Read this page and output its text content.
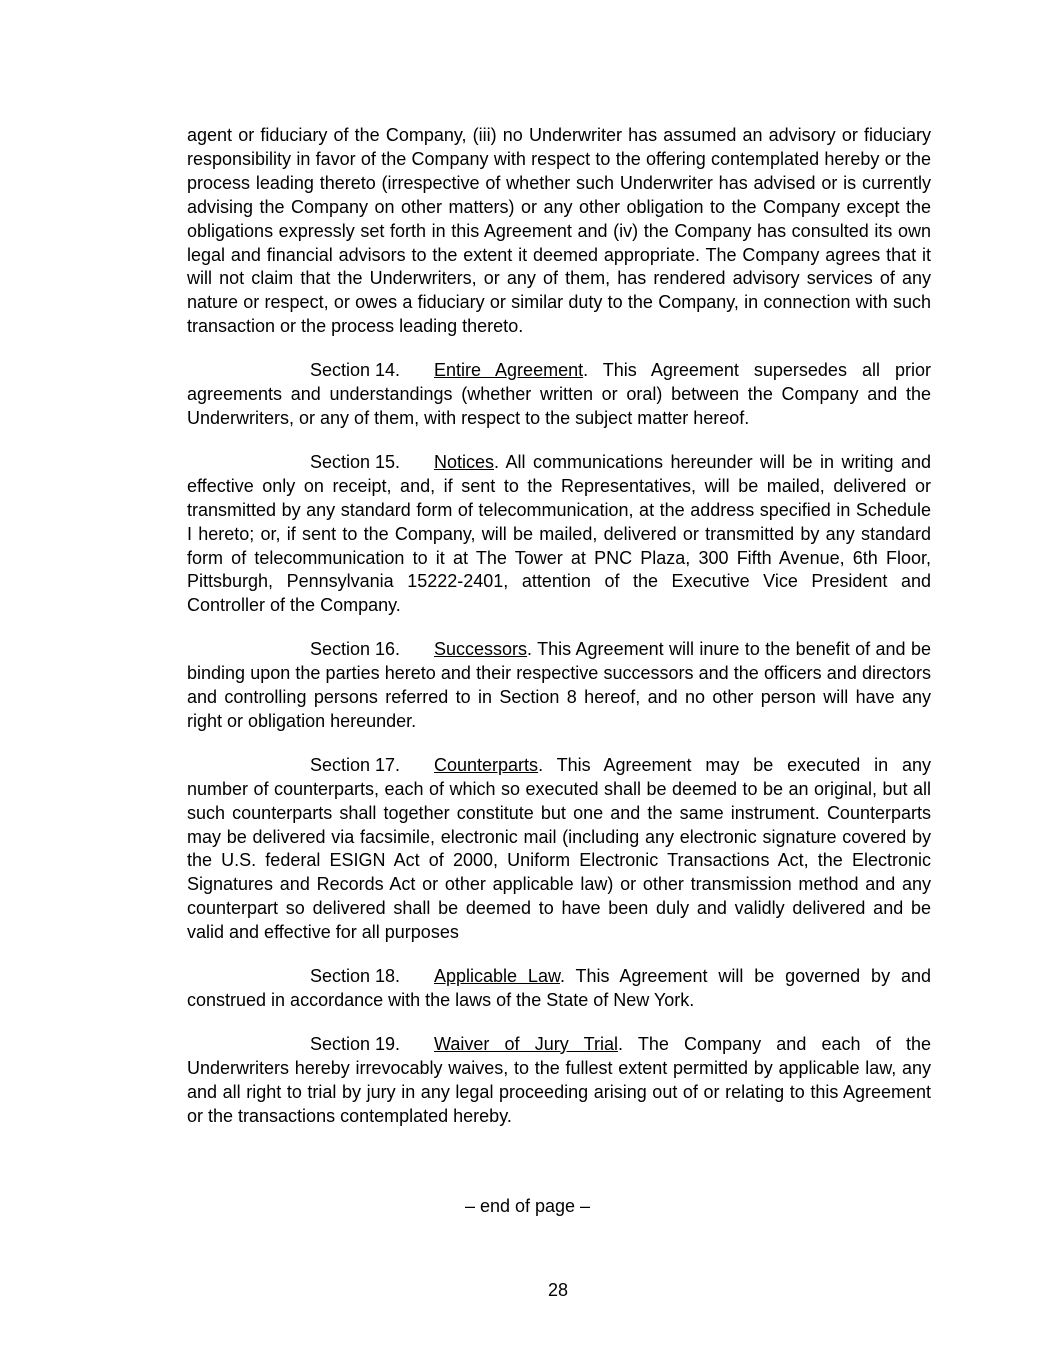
agent or fiduciary of the Company, (iii) no Underwriter has assumed an advisory or fiduciary responsibility in favor of the Company with respect to the offering contemplated hereby or the process leading thereto (irrespective of whether such Underwriter has advised or is currently advising the Company on other matters) or any other obligation to the Company except the obligations expressly set forth in this Agreement and (iv) the Company has consulted its own legal and financial advisors to the extent it deemed appropriate. The Company agrees that it will not claim that the Underwriters, or any of them, has rendered advisory services of any nature or respect, or owes a fiduciary or similar duty to the Company, in connection with such transaction or the process leading thereto.

Section 14. Entire Agreement. This Agreement supersedes all prior agreements and understandings (whether written or oral) between the Company and the Underwriters, or any of them, with respect to the subject matter hereof.

Section 15. Notices. All communications hereunder will be in writing and effective only on receipt, and, if sent to the Representatives, will be mailed, delivered or transmitted by any standard form of telecommunication, at the address specified in Schedule I hereto; or, if sent to the Company, will be mailed, delivered or transmitted by any standard form of telecommunication to it at The Tower at PNC Plaza, 300 Fifth Avenue, 6th Floor, Pittsburgh, Pennsylvania 15222-2401, attention of the Executive Vice President and Controller of the Company.

Section 16. Successors. This Agreement will inure to the benefit of and be binding upon the parties hereto and their respective successors and the officers and directors and controlling persons referred to in Section 8 hereof, and no other person will have any right or obligation hereunder.

Section 17. Counterparts. This Agreement may be executed in any number of counterparts, each of which so executed shall be deemed to be an original, but all such counterparts shall together constitute but one and the same instrument. Counterparts may be delivered via facsimile, electronic mail (including any electronic signature covered by the U.S. federal ESIGN Act of 2000, Uniform Electronic Transactions Act, the Electronic Signatures and Records Act or other applicable law) or other transmission method and any counterpart so delivered shall be deemed to have been duly and validly delivered and be valid and effective for all purposes

Section 18. Applicable Law. This Agreement will be governed by and construed in accordance with the laws of the State of New York.

Section 19. Waiver of Jury Trial. The Company and each of the Underwriters hereby irrevocably waives, to the fullest extent permitted by applicable law, any and all right to trial by jury in any legal proceeding arising out of or relating to this Agreement or the transactions contemplated hereby.

– end of page –
28
